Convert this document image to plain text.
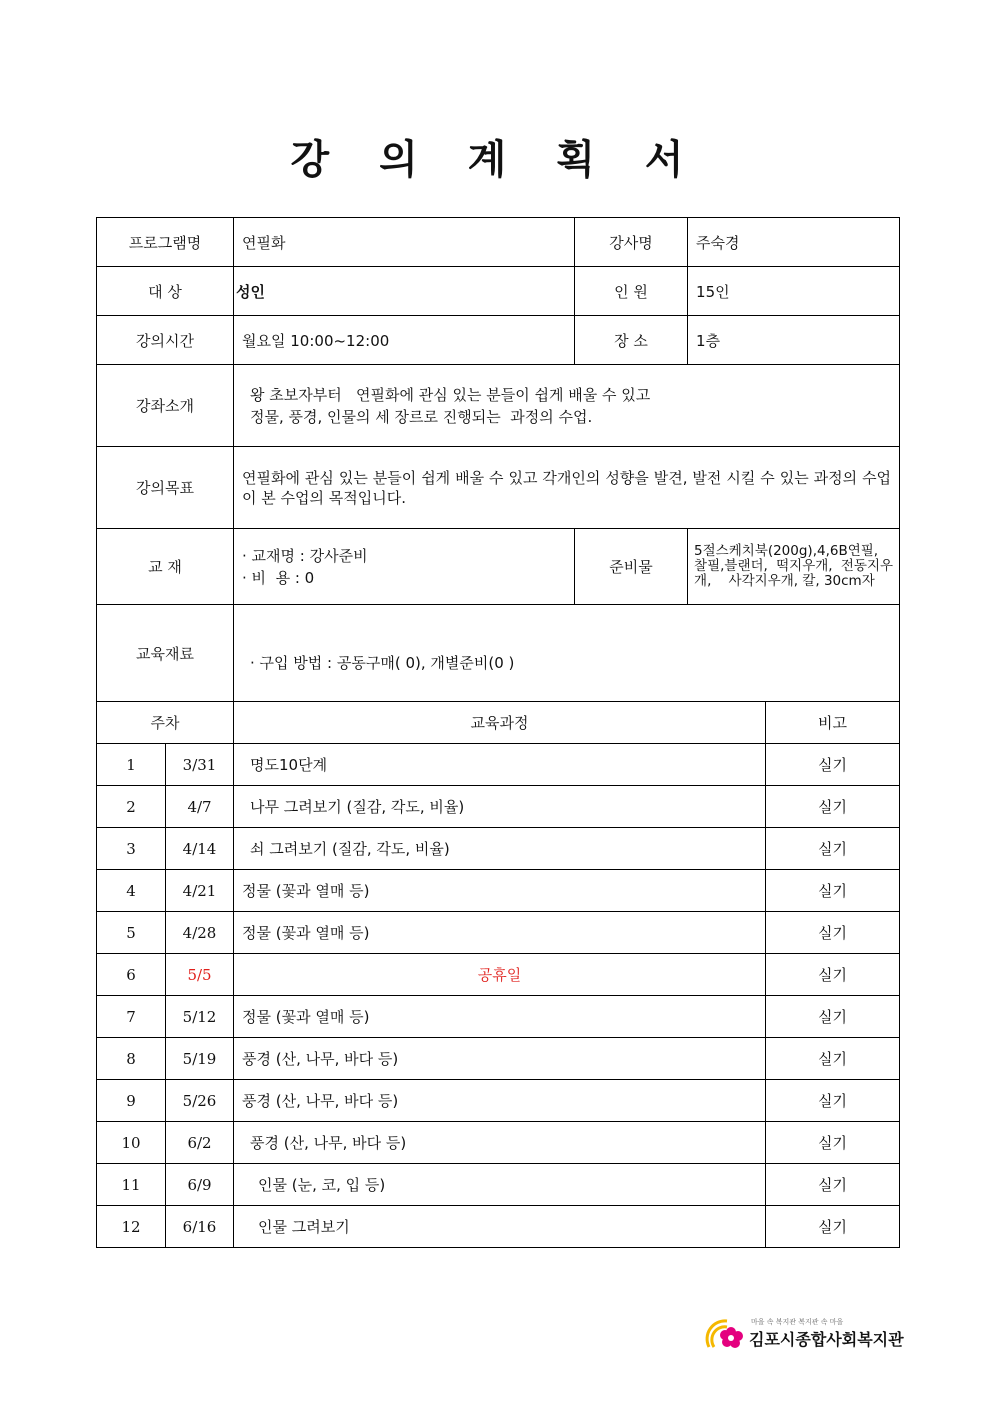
강 의 계 획 서
프로그램명		연필화	강사명	주숙경	
대 상		성인	인 원	15인	
강의시간		월요일 10:00~12:00	장 소	1층	
강좌소개		왕 초보자부터   연필화에 관심 있는 분들이 쉽게 배울 수 있고
정물, 풍경, 인물의 세 장르로 진행되는  과정의 수업.			

강의목표		연필화에 관심 있는 분들이 쉽게 배울 수 있고 각개인의 성향을 발견, 발전 시킬 수 있는 과정의 수업 이 본 수업의 목적입니다.			
교 재		‧ 교재명 : 강사준비
‧ 비  용 : 0	준비물	5절스케치북(200g),4,6B연필, 찰필,블랜더, 떡지우개, 전동지우개,    사각지우개, 칼, 30cm자	
교육재료		‧ 구입 방법 : 공동구매( 0), 개별준비(0 )			
주차		교육과정			비고
1	3/31	명도10단계			실기
2	4/7	나무 그려보기 (질감, 각도, 비율)			실기
3	4/14	쇠 그려보기 (질감, 각도, 비율)			실기
4	4/21	정물 (꽃과 열매 등)			실기
5	4/28	정물 (꽃과 열매 등)			실기
6	5/5	공휴일			실기
7	5/12	정물 (꽃과 열매 등)			실기
8	5/19	풍경 (산, 나무, 바다 등)			실기
9	5/26	풍경 (산, 나무, 바다 등)			실기
10	6/2	풍경 (산, 나무, 바다 등)			실기
11	6/9	인물 (눈, 코, 입 등)			실기
12	6/16	인물 그려보기			실기
마을 속 복지관 복지관 속 마을
김포시종합사회복지관
